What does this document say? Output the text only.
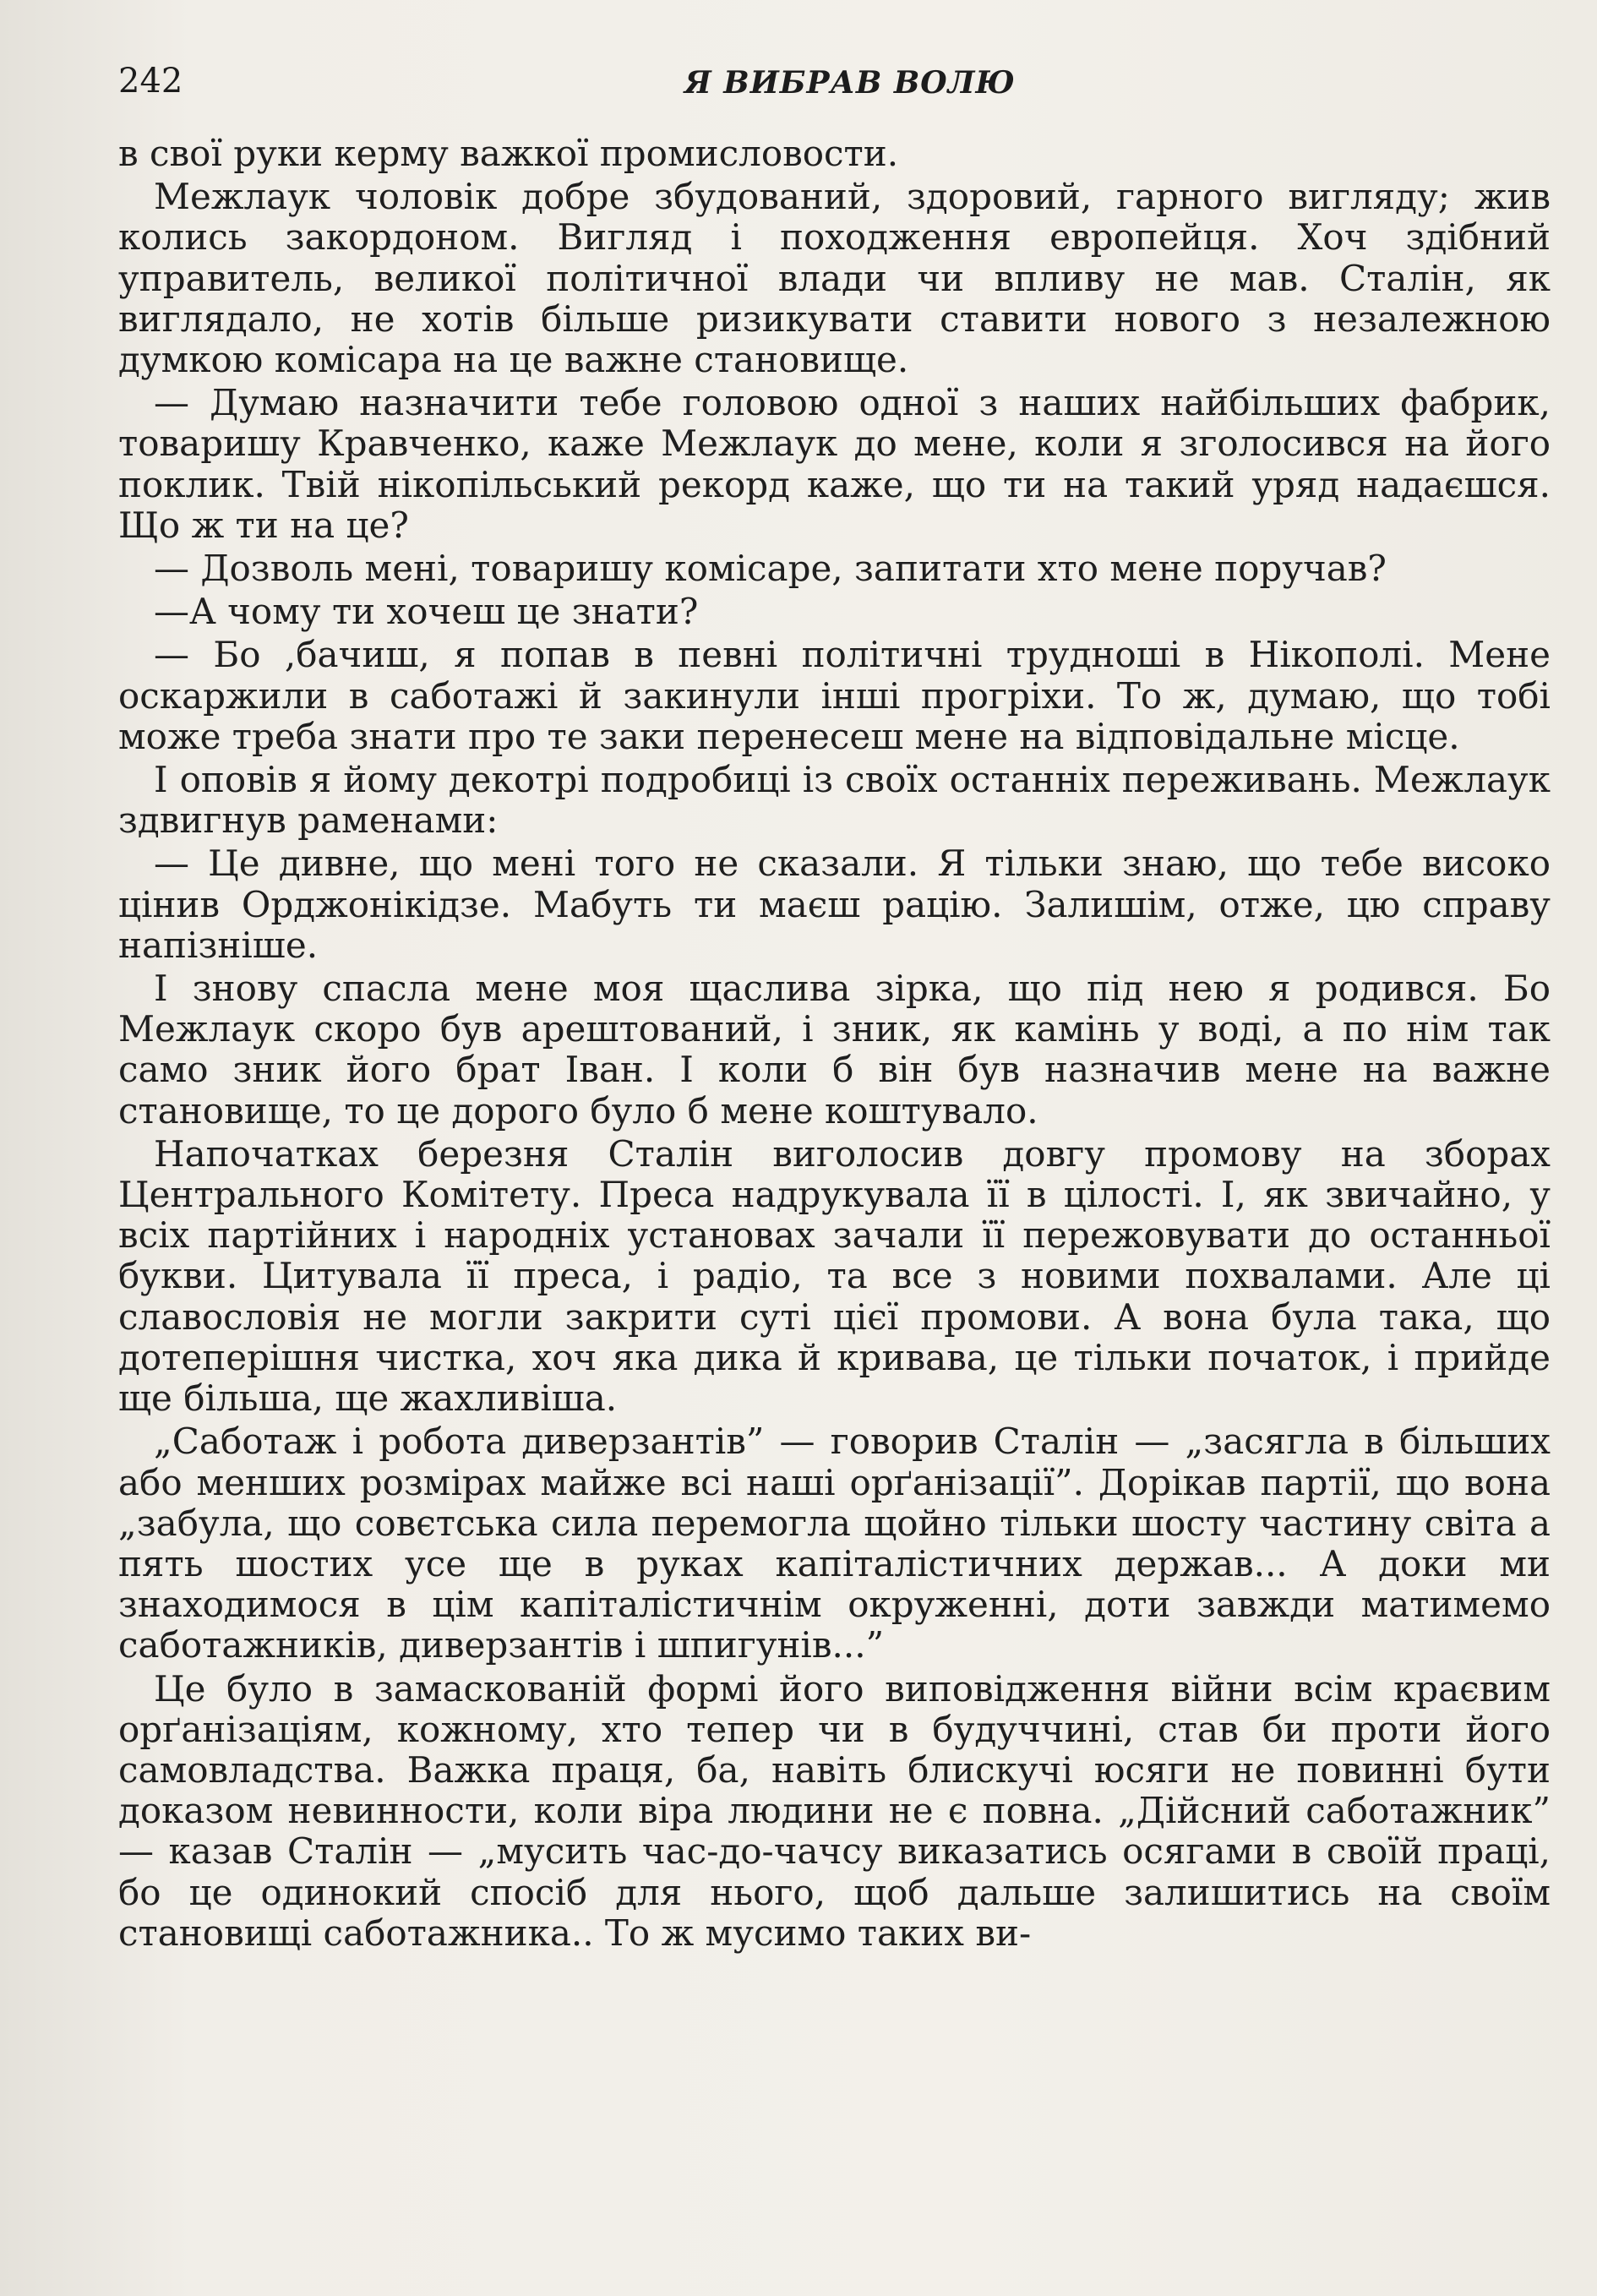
242	Я ВИБРАВ ВОЛЮ

в свої руки керму важкої промисловости.

Межлаук чоловік добре збудований, здоровий, гарного вигляду; жив колись закордоном. Вигляд і походження европейця. Хоч здібний управитель, великої політичної влади чи впливу не мав. Сталін, як виглядало, не хотів більше ризикувати ставити нового з незалежною думкою комісара на це важне становище.

— Думаю назначити тебе головою одної з наших найбільших фабрик, товаришу Кравченко, каже Межлаук до мене, коли я зголосився на його поклик. Твій нікопільський рекорд каже, що ти на такий уряд надаєшся. Що ж ти на це?

— Дозволь мені, товаришу комісаре, запитати хто мене поручав?

—А чому ти хочеш це знати?

— Бо ,бачиш, я попав в певні політичні трудноші в Нікополі. Мене оскаржили в саботажі й закинули інші прогріхи. То ж, думаю, що тобі може треба знати про те заки перенесеш мене на відповідальне місце.

І оповів я йому декотрі подробиці із своїх останніх переживань. Межлаук здвигнув раменами:

— Це дивне, що мені того не сказали. Я тільки знаю, що тебе високо цінив Орджонікідзе. Мабуть ти маєш рацію. Залишім, отже, цю справу напізніше.

І знову спасла мене моя щаслива зірка, що під нею я родився. Бо Межлаук скоро був арештований, і зник, як камінь у воді, а по нім так само зник його брат Іван. І коли б він був назначив мене на важне становище, то це дорого було б мене коштувало.

Напочатках березня Сталін виголосив довгу промову на зборах Центрального Комітету. Преса надрукувала її в цілості. І, як звичайно, у всіх партійних і народніх установах зачали її пережовувати до останньої букви. Цитувала її преса, і радіо, та все з новими похвалами. Але ці славословія не могли закрити суті цієї промови. А вона була така, що дотеперішня чистка, хоч яка дика й кривава, це тільки початок, і прийде ще більша, ще жахливіша.

„Саботаж і робота диверзантів” — говорив Сталін — „засягла в більших або менших розмірах майже всі наші орґанізації”. Дорікав партії, що вона „забула, що совєтська сила перемогла щойно тільки шосту частину світа а пять шостих усе ще в руках капіталістичних держав... А доки ми знаходимося в цім капіталістичнім окруженні, доти завжди матимемо саботажників, диверзантів і шпигунів...”

Це було в замаскованій формі його виповідження війни всім краєвим орґанізаціям, кожному, хто тепер чи в будуччині, став би проти його самовладства. Важка праця, ба, навіть блискучі юсяги не повинні бути доказом невинности, коли віра людини не є повна. „Дійсний саботажник” — казав Сталін — „мусить час-до-чачсу виказатись осягами в своїй праці, бо це одинокий спосіб для нього, щоб дальше залишитись на своїм становищі саботажника.. То ж мусимо таких ви-
